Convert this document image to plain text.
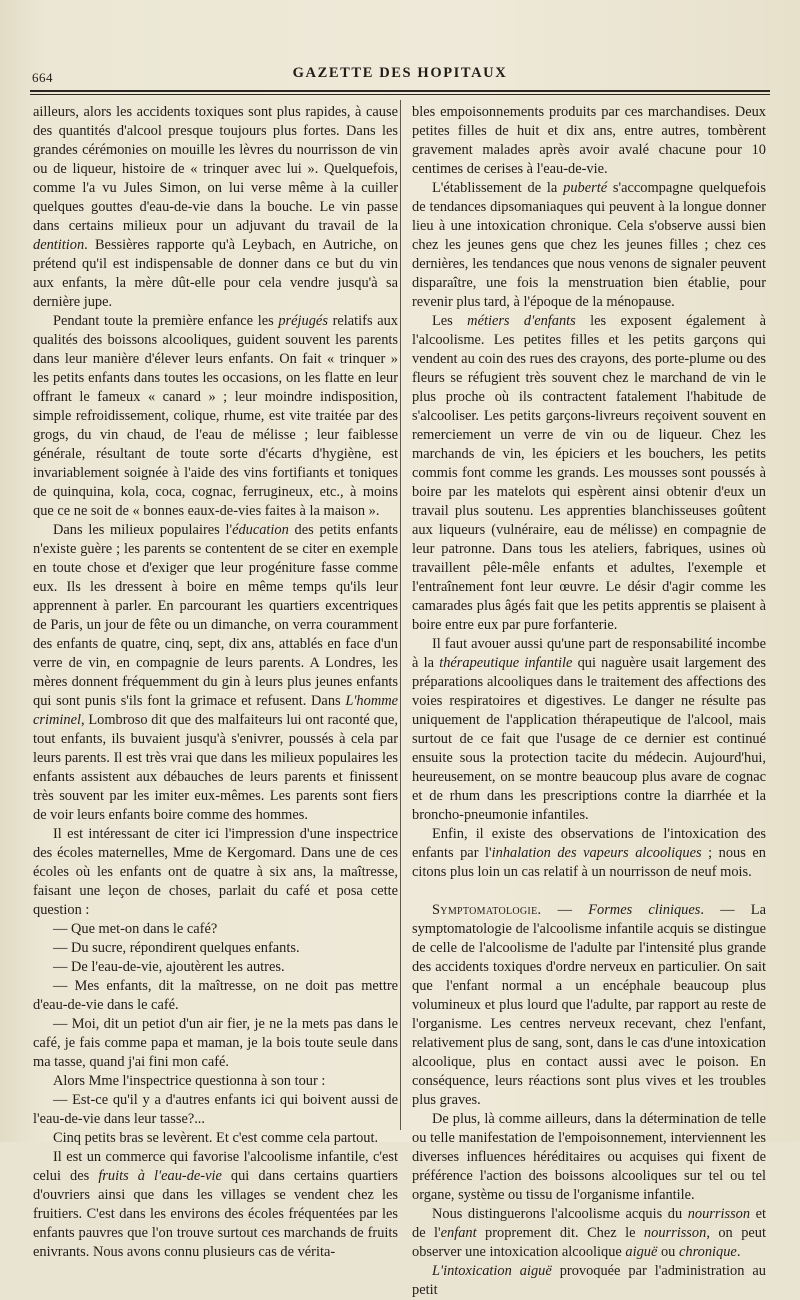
664	GAZETTE DES HOPITAUX

ailleurs, alors les accidents toxiques sont plus rapides, à cause des quantités d'alcool presque toujours plus fortes. Dans les grandes cérémonies on mouille les lèvres du nourrisson de vin ou de liqueur, histoire de « trinquer avec lui ». Quelquefois, comme l'a vu Jules Simon, on lui verse même à la cuiller quelques gouttes d'eau-de-vie dans la bouche. Le vin passe dans certains milieux pour un adjuvant du travail de la dentition. Bessières rapporte qu'à Leybach, en Autriche, on prétend qu'il est indispensable de donner dans ce but du vin aux enfants, la mère dût-elle pour cela vendre jusqu'à sa dernière jupe.

Pendant toute la première enfance les préjugés relatifs aux qualités des boissons alcooliques, guident souvent les parents dans leur manière d'élever leurs enfants. On fait « trinquer » les petits enfants dans toutes les occasions, on les flatte en leur offrant le fameux « canard » ; leur moindre indisposition, simple refroidissement, colique, rhume, est vite traitée par des grogs, du vin chaud, de l'eau de mélisse ; leur faiblesse générale, résultant de toute sorte d'écarts d'hygiène, est invariablement soignée à l'aide des vins fortifiants et toniques de quinquina, kola, coca, cognac, ferrugineux, etc., à moins que ce ne soit de « bonnes eaux-de-vies faites à la maison ».

Dans les milieux populaires l'éducation des petits enfants n'existe guère ; les parents se contentent de se citer en exemple en toute chose et d'exiger que leur progéniture fasse comme eux. Ils les dressent à boire en même temps qu'ils leur apprennent à parler. En parcourant les quartiers excentriques de Paris, un jour de fête ou un dimanche, on verra couramment des enfants de quatre, cinq, sept, dix ans, attablés en face d'un verre de vin, en compagnie de leurs parents. A Londres, les mères donnent fréquemment du gin à leurs plus jeunes enfants qui sont punis s'ils font la grimace et refusent. Dans L'homme criminel, Lombroso dit que des malfaiteurs lui ont raconté que, tout enfants, ils buvaient jusqu'à s'enivrer, poussés à cela par leurs parents. Il est très vrai que dans les milieux populaires les enfants assistent aux débauches de leurs parents et finissent très souvent par les imiter eux-mêmes. Les parents sont fiers de voir leurs enfants boire comme des hommes.

Il est intéressant de citer ici l'impression d'une inspectrice des écoles maternelles, Mme de Kergomard. Dans une de ces écoles où les enfants ont de quatre à six ans, la maîtresse, faisant une leçon de choses, parlait du café et posa cette question :

— Que met-on dans le café?

— Du sucre, répondirent quelques enfants.

— De l'eau-de-vie, ajoutèrent les autres.

— Mes enfants, dit la maîtresse, on ne doit pas mettre d'eau-de-vie dans le café.

— Moi, dit un petiot d'un air fier, je ne la mets pas dans le café, je fais comme papa et maman, je la bois toute seule dans ma tasse, quand j'ai fini mon café.

Alors Mme l'inspectrice questionna à son tour :

— Est-ce qu'il y a d'autres enfants ici qui boivent aussi de l'eau-de-vie dans leur tasse?...

Cinq petits bras se levèrent. Et c'est comme cela partout.

Il est un commerce qui favorise l'alcoolisme infantile, c'est celui des fruits à l'eau-de-vie qui dans certains quartiers d'ouvriers ainsi que dans les villages se vendent chez les fruitiers. C'est dans les environs des écoles fréquentées par les enfants pauvres que l'on trouve surtout ces marchands de fruits enivrants. Nous avons connu plusieurs cas de vérita-

bles empoisonnements produits par ces marchandises. Deux petites filles de huit et dix ans, entre autres, tombèrent gravement malades après avoir avalé chacune pour 10 centimes de cerises à l'eau-de-vie.

L'établissement de la puberté s'accompagne quelquefois de tendances dipsomaniaques qui peuvent à la longue donner lieu à une intoxication chronique. Cela s'observe aussi bien chez les jeunes gens que chez les jeunes filles ; chez ces dernières, les tendances que nous venons de signaler peuvent disparaître, une fois la menstruation bien établie, pour revenir plus tard, à l'époque de la ménopause.

Les métiers d'enfants les exposent également à l'alcoolisme. Les petites filles et les petits garçons qui vendent au coin des rues des crayons, des porte-plume ou des fleurs se réfugient très souvent chez le marchand de vin le plus proche où ils contractent fatalement l'habitude de s'alcooliser. Les petits garçons-livreurs reçoivent souvent en remerciement un verre de vin ou de liqueur. Chez les marchands de vin, les épiciers et les bouchers, les petits commis font comme les grands. Les mousses sont poussés à boire par les matelots qui espèrent ainsi obtenir d'eux un travail plus soutenu. Les apprenties blanchisseuses goûtent aux liqueurs (vulnéraire, eau de mélisse) en compagnie de leur patronne. Dans tous les ateliers, fabriques, usines où travaillent pêle-mêle enfants et adultes, l'exemple et l'entraînement font leur œuvre. Le désir d'agir comme les camarades plus âgés fait que les petits apprentis se plaisent à boire entre eux par pure forfanterie.

Il faut avouer aussi qu'une part de responsabilité incombe à la thérapeutique infantile qui naguère usait largement des préparations alcooliques dans le traitement des affections des voies respiratoires et digestives. Le danger ne résulte pas uniquement de l'application thérapeutique de l'alcool, mais surtout de ce fait que l'usage de ce dernier est continué ensuite sous la protection tacite du médecin. Aujourd'hui, heureusement, on se montre beaucoup plus avare de cognac et de rhum dans les prescriptions contre la diarrhée et la broncho-pneumonie infantiles.

Enfin, il existe des observations de l'intoxication des enfants par l'inhalation des vapeurs alcooliques ; nous en citons plus loin un cas relatif à un nourrisson de neuf mois.

Symptomatologie. — Formes cliniques. — La symptomatologie de l'alcoolisme infantile acquis se distingue de celle de l'alcoolisme de l'adulte par l'intensité plus grande des accidents toxiques d'ordre nerveux en particulier. On sait que l'enfant normal a un encéphale beaucoup plus volumineux et plus lourd que l'adulte, par rapport au reste de l'organisme. Les centres nerveux recevant, chez l'enfant, relativement plus de sang, sont, dans le cas d'une intoxication alcoolique, plus en contact aussi avec le poison. En conséquence, leurs réactions sont plus vives et les troubles plus graves.

De plus, là comme ailleurs, dans la détermination de telle ou telle manifestation de l'empoisonnement, interviennent les diverses influences héréditaires ou acquises qui fixent de préférence l'action des boissons alcooliques sur tel ou tel organe, système ou tissu de l'organisme infantile.

Nous distinguerons l'alcoolisme acquis du nourrisson et de l'enfant proprement dit. Chez le nourrisson, on peut observer une intoxication alcoolique aiguë ou chronique.

L'intoxication aiguë provoquée par l'administration au petit
